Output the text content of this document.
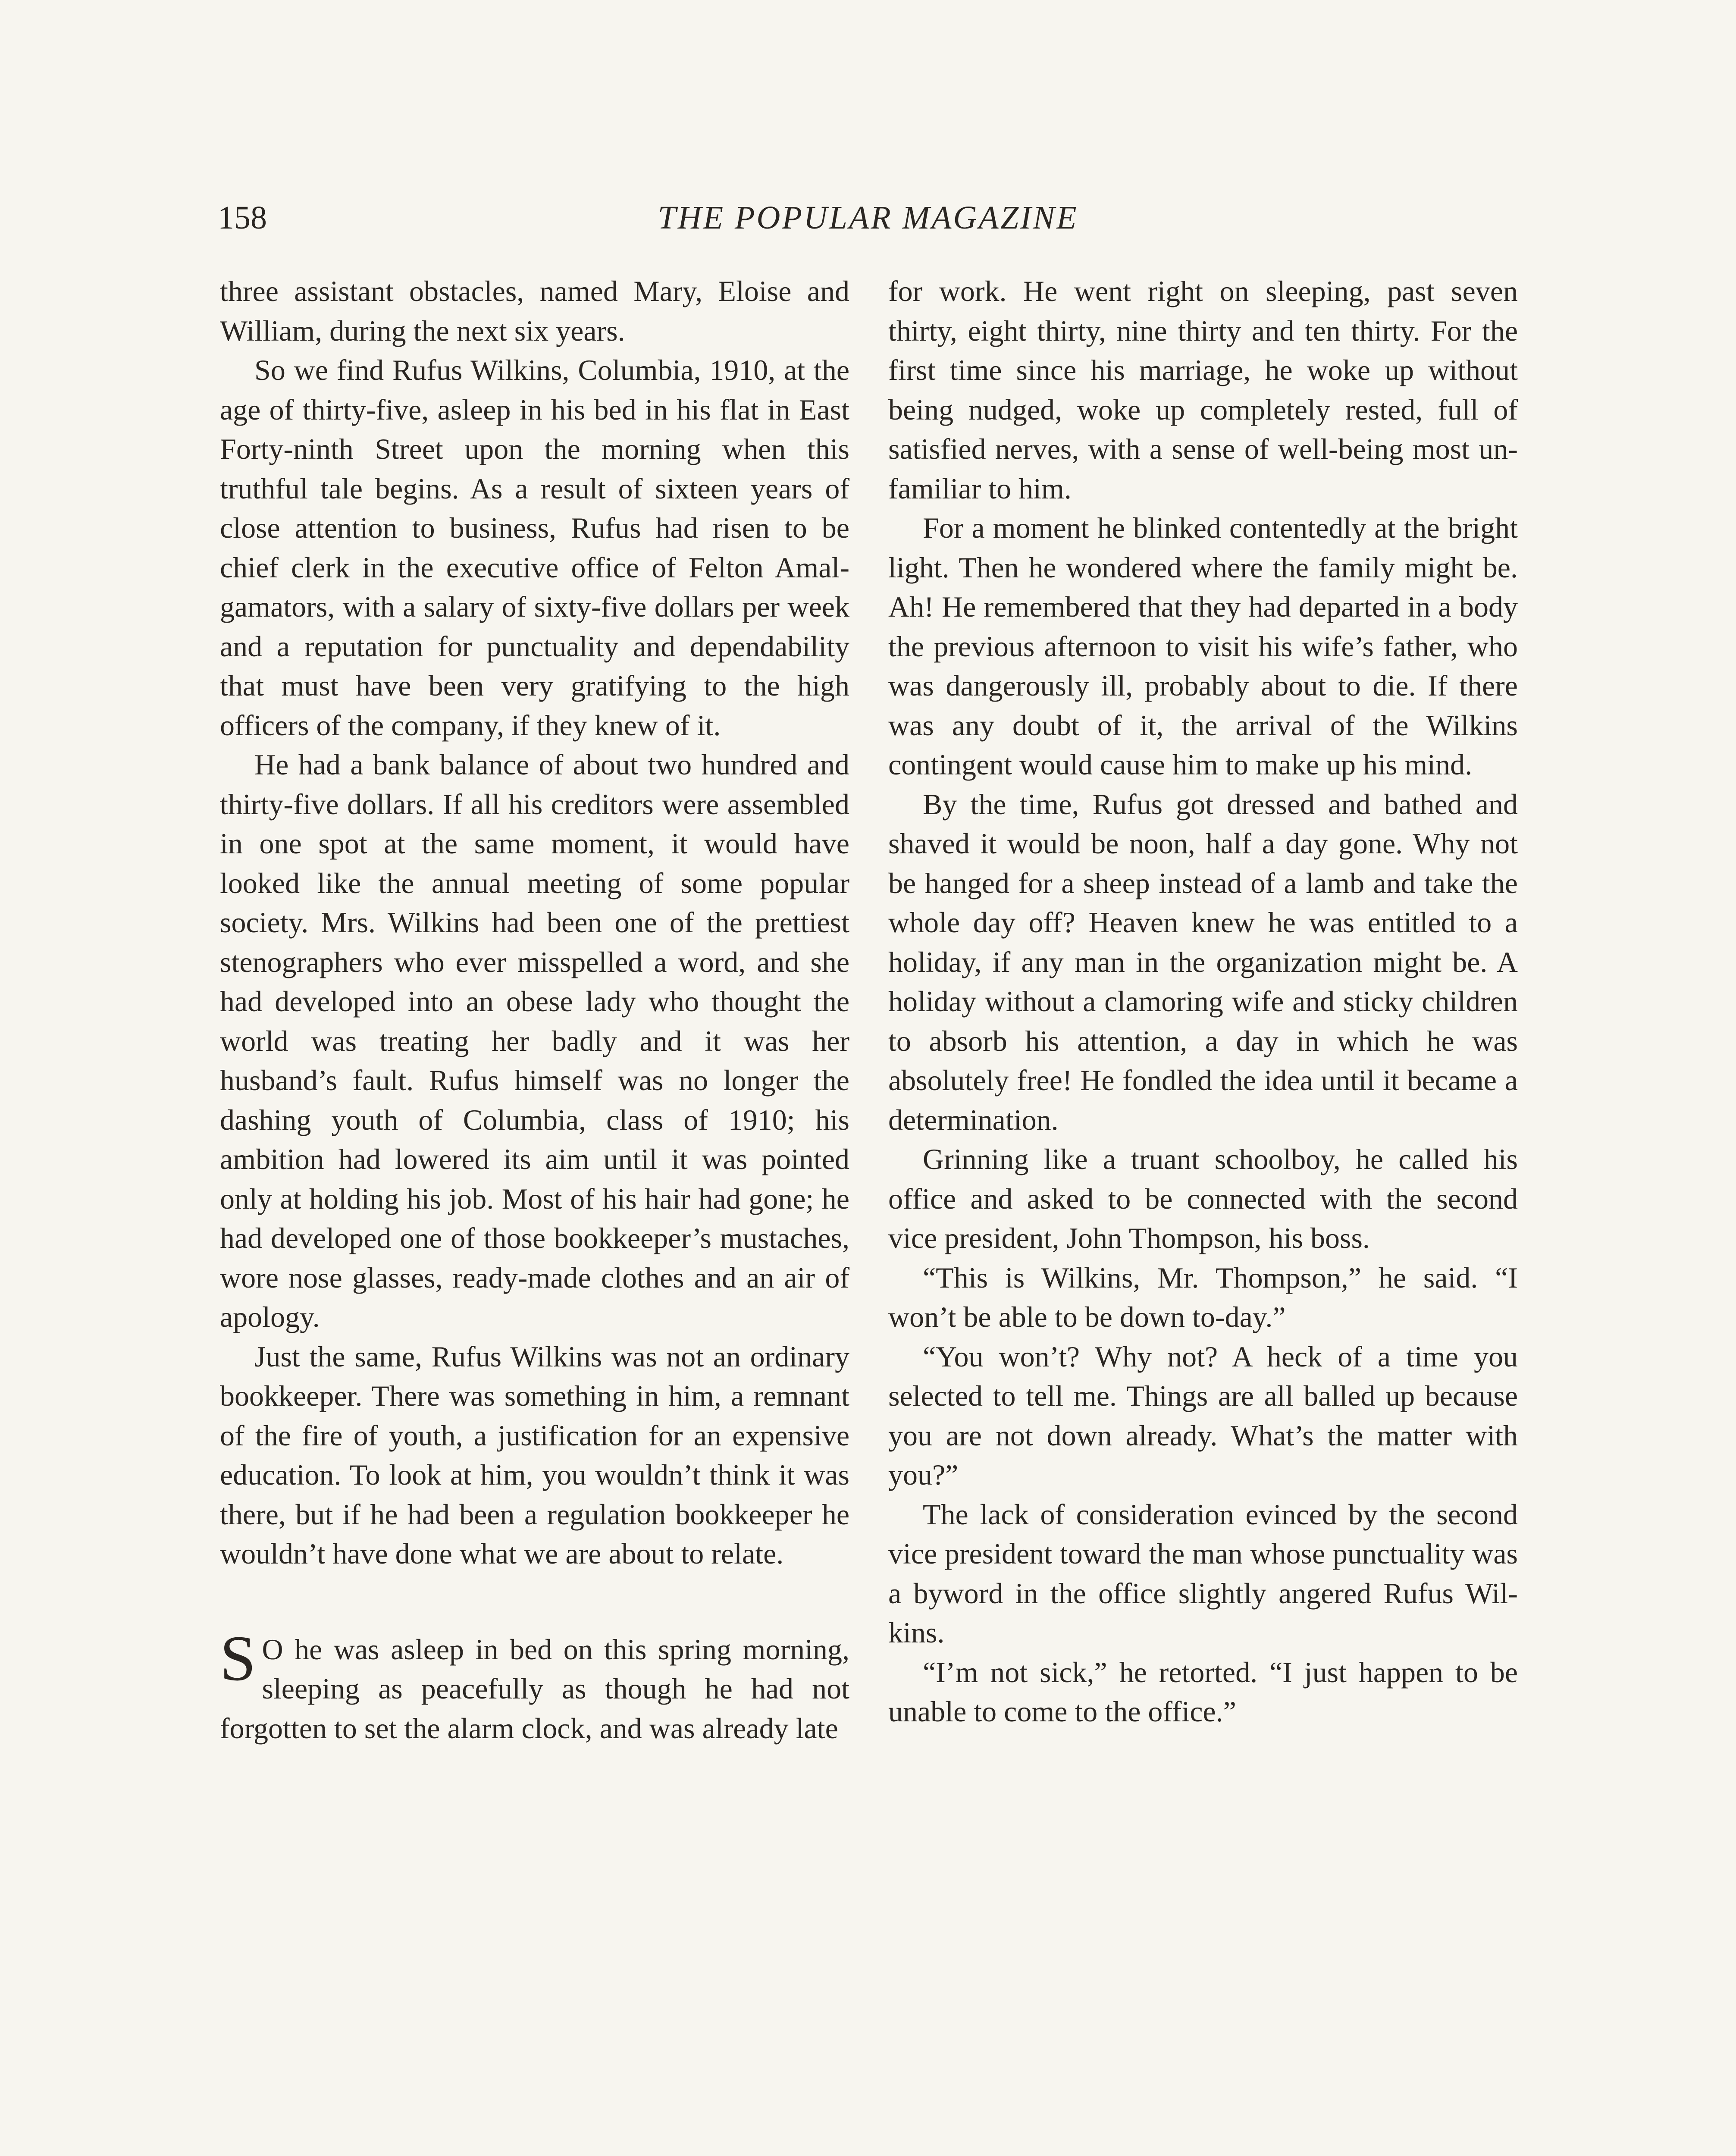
158	THE POPULAR MAGAZINE

three assistant obstacles, named Mary, Eloise and William, during the next six years.

So we find Rufus Wilkins, Columbia, 1910, at the age of thirty-five, asleep in his bed in his flat in East Forty-ninth Street upon the morning when this truthful tale begins. As a result of sixteen years of close attention to business, Rufus had risen to be chief clerk in the executive office of Felton Amalgamators, with a salary of sixty-five dollars per week and a reputation for punctuality and dependability that must have been very gratifying to the high officers of the company, if they knew of it.

He had a bank balance of about two hundred and thirty-five dollars. If all his creditors were assembled in one spot at the same moment, it would have looked like the annual meeting of some popular society. Mrs. Wilkins had been one of the prettiest stenographers who ever misspelled a word, and she had developed into an obese lady who thought the world was treating her badly and it was her husband’s fault. Rufus himself was no longer the dashing youth of Columbia, class of 1910; his ambition had lowered its aim until it was pointed only at holding his job. Most of his hair had gone; he had developed one of those bookkeeper’s mustaches, wore nose glasses, ready-made clothes and an air of apology.

Just the same, Rufus Wilkins was not an ordinary bookkeeper. There was something in him, a remnant of the fire of youth, a justification for an expensive education. To look at him, you wouldn’t think it was there, but if he had been a regulation bookkeeper he wouldn’t have done what we are about to relate.

S O he was asleep in bed on this spring morning, sleeping as peacefully as though he had not forgotten to set the alarm clock, and was already late

for work. He went right on sleeping, past seven thirty, eight thirty, nine thirty and ten thirty. For the first time since his marriage, he woke up without being nudged, woke up completely rested, full of satisfied nerves, with a sense of well-being most unfamiliar to him.

For a moment he blinked contentedly at the bright light. Then he wondered where the family might be. Ah! He remembered that they had departed in a body the previous afternoon to visit his wife’s father, who was dangerously ill, probably about to die. If there was any doubt of it, the arrival of the Wilkins contingent would cause him to make up his mind.

By the time, Rufus got dressed and bathed and shaved it would be noon, half a day gone. Why not be hanged for a sheep instead of a lamb and take the whole day off? Heaven knew he was entitled to a holiday, if any man in the organization might be. A holiday without a clamoring wife and sticky children to absorb his attention, a day in which he was absolutely free! He fondled the idea until it became a determination.

Grinning like a truant schoolboy, he called his office and asked to be connected with the second vice president, John Thompson, his boss.

“This is Wilkins, Mr. Thompson,” he said. “I won’t be able to be down to-day.”

“You won’t? Why not? A heck of a time you selected to tell me. Things are all balled up because you are not down already. What’s the matter with you?”

The lack of consideration evinced by the second vice president toward the man whose punctuality was a byword in the office slightly angered Rufus Wilkins.

“I’m not sick,” he retorted. “I just happen to be unable to come to the office.”
